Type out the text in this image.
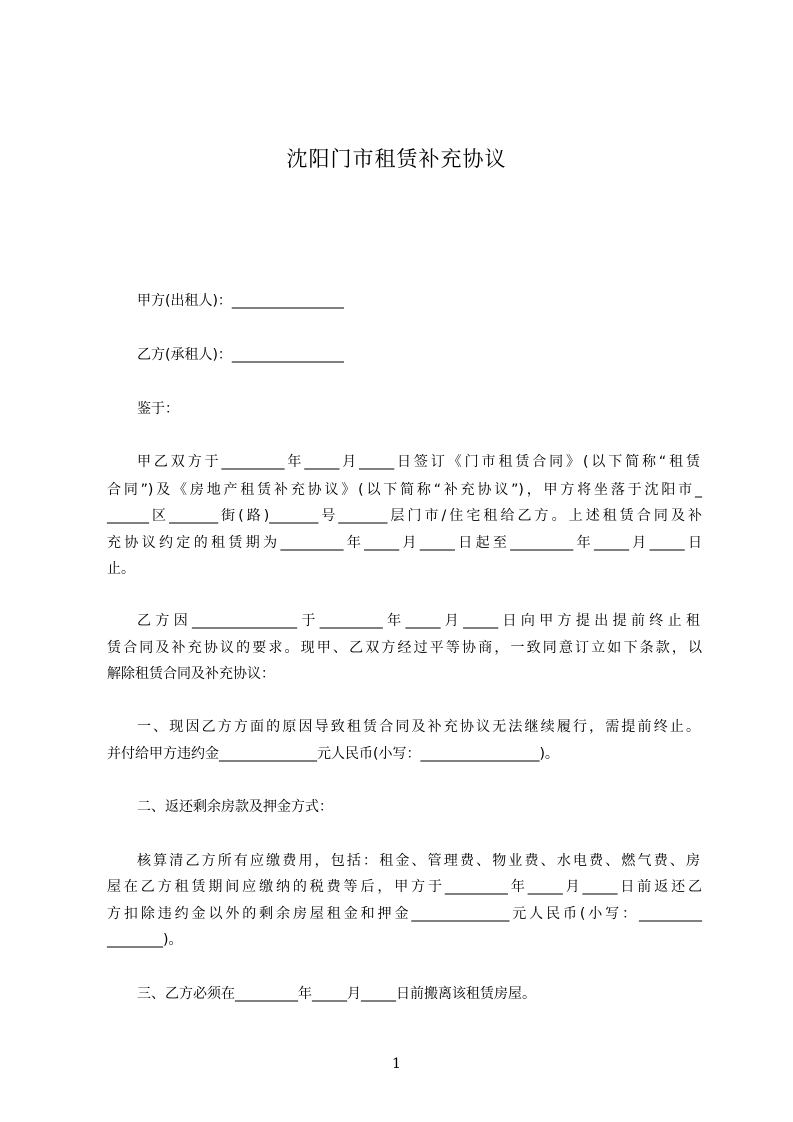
沈阳门市租赁补充协议
甲方(出租人)：________________
乙方(承租人)：________________
鉴于：
甲乙双方于_________年_____月_____日签订《门市租赁合同》(以下简称“租赁
合同”)及《房地产租赁补充协议》(以下简称“补充协议”)，甲方将坐落于沈阳市_
______区_______街(路)_______号_______层门市/住宅租给乙方。上述租赁合同及补
充协议约定的租赁期为_________年_____月_____日起至_________年_____月_____日
止。
乙方因_______________于_________年_____月_____日向甲方提出提前终止租
赁合同及补充协议的要求。现甲、乙双方经过平等协商，一致同意订立如下条款，以
解除租赁合同及补充协议：
一、现因乙方方面的原因导致租赁合同及补充协议无法继续履行，需提前终止。
并付给甲方违约金______________元人民币(小写：_________________)。
二、返还剩余房款及押金方式：
核算清乙方所有应缴费用，包括：租金、管理费、物业费、水电费、燃气费、房
屋在乙方租赁期间应缴纳的税费等后，甲方于_________年_____月_____日前返还乙
方扣除违约金以外的剩余房屋租金和押金______________元人民币(小写：_________
________)。
三、乙方必须在_________年_____月_____日前搬离该租赁房屋。
1
